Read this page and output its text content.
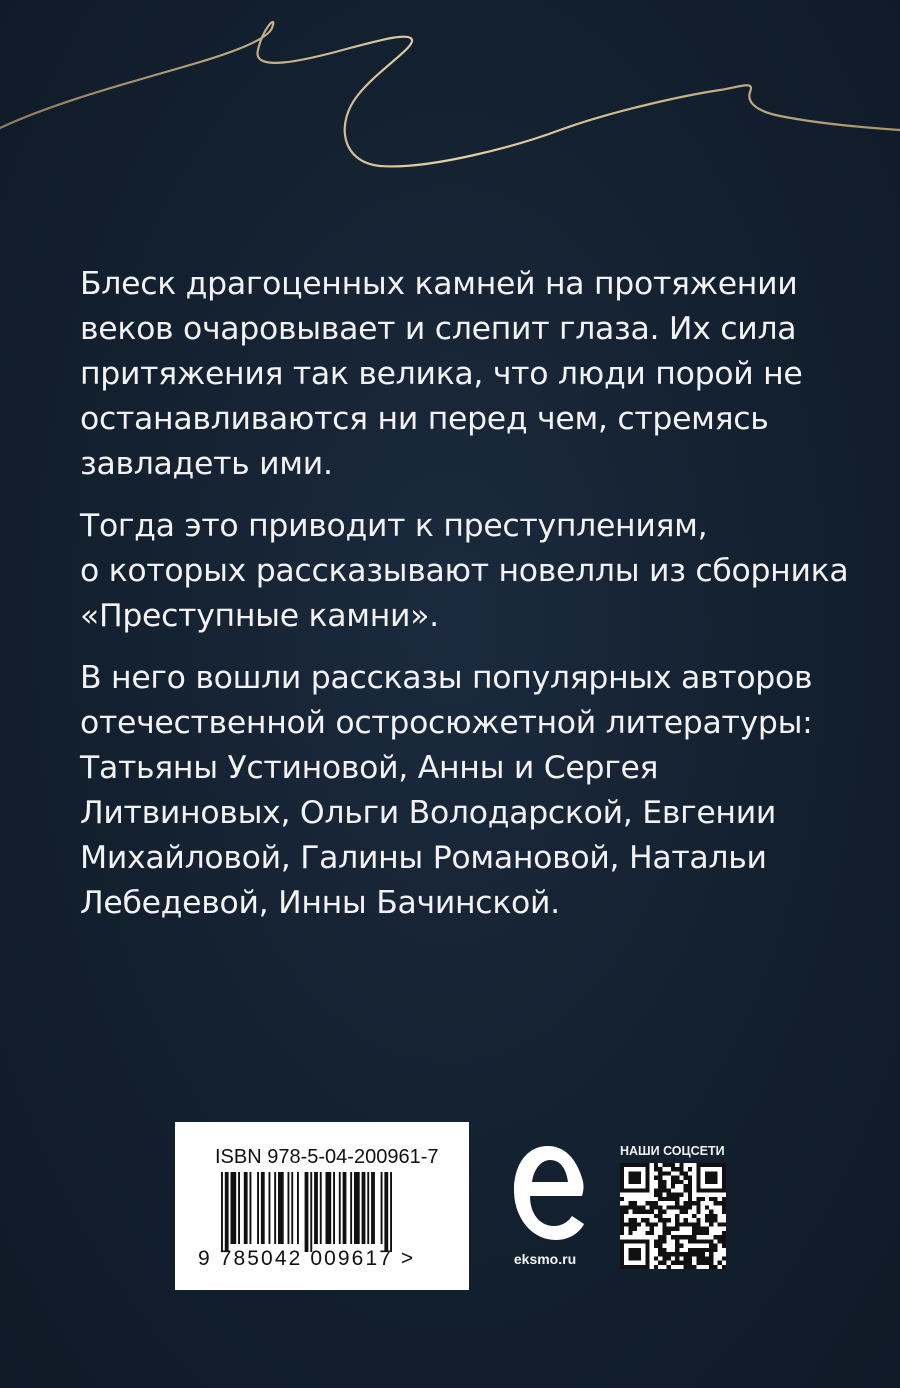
Блеск драгоценных камней на протяжении
веков очаровывает и слепит глаза. Их сила
притяжения так велика, что люди порой не
останавливаются ни перед чем, стремясь
завладеть ими.

Тогда это приводит к преступлениям,
о которых рассказывают новеллы из сборника
«Преступные камни».

В него вошли рассказы популярных авторов
отечественной остросюжетной литературы:
Татьяны Устиновой, Анны и Сергея
Литвиновых, Ольги Володарской, Евгении
Михайловой, Галины Романовой, Натальи
Лебедевой, Инны Бачинской.

ISBN 978-5-04-200961-7
9 785042 009617 >	eksmo.ru
НАШИ СОЦСЕТИ
